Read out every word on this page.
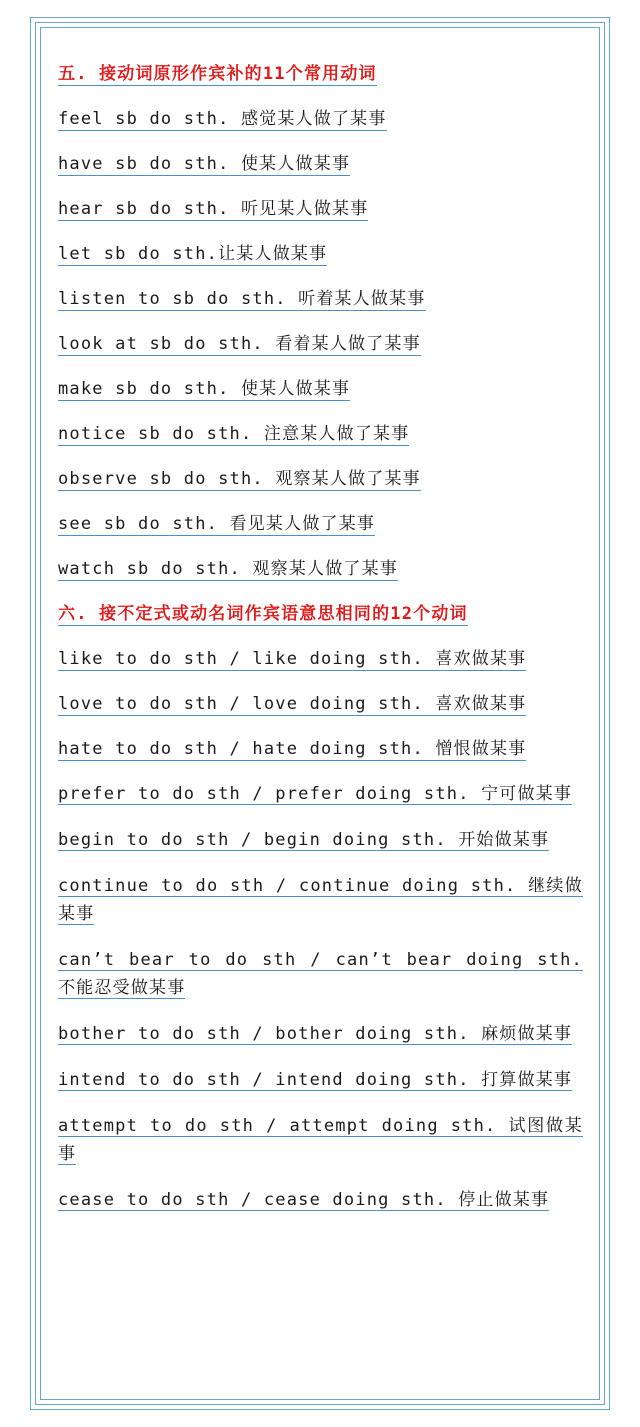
五. 接动词原形作宾补的11个常用动词

feel sb do sth. 感觉某人做了某事

have sb do sth. 使某人做某事

hear sb do sth. 听见某人做某事

let sb do sth.让某人做某事

listen to sb do sth. 听着某人做某事

look at sb do sth. 看着某人做了某事

make sb do sth. 使某人做某事

notice sb do sth. 注意某人做了某事

observe sb do sth. 观察某人做了某事

see sb do sth. 看见某人做了某事

watch sb do sth. 观察某人做了某事

六. 接不定式或动名词作宾语意思相同的12个动词

like to do sth / like doing sth. 喜欢做某事

love to do sth / love doing sth. 喜欢做某事

hate to do sth / hate doing sth. 憎恨做某事

prefer to do sth / prefer doing sth. 宁可做某事

begin to do sth / begin doing sth. 开始做某事

continue to do sth / continue doing sth. 继续做某事

can’t bear to do sth / can’t bear doing sth. 不能忍受做某事

bother to do sth / bother doing sth. 麻烦做某事

intend to do sth / intend doing sth. 打算做某事

attempt to do sth / attempt doing sth. 试图做某事

cease to do sth / cease doing sth. 停止做某事
